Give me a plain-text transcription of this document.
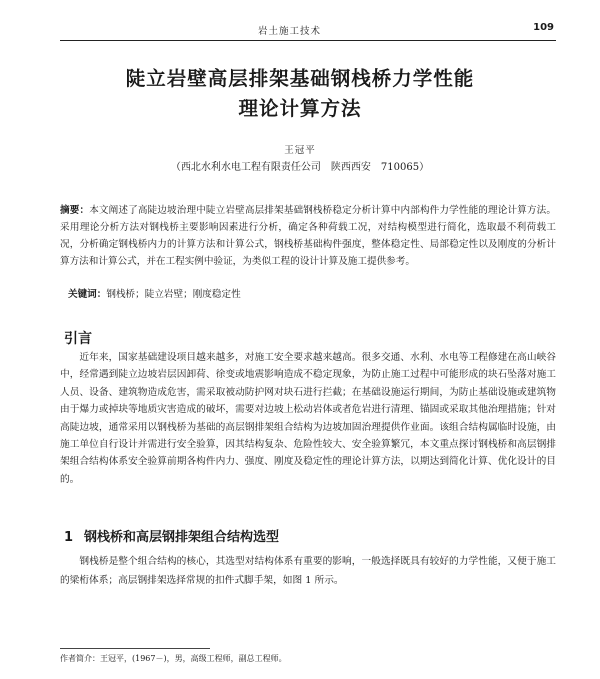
岩土施工技术	109
陡立岩壁高层排架基础钢栈桥力学性能
理论计算方法
王冠平
（西北水利水电工程有限责任公司　陕西西安　710065）

摘要：本文阐述了高陡边坡治理中陡立岩壁高层排架基础钢栈桥稳定分析计算中内部构件力学性能的理论计算方法。采用理论分析方法对钢栈桥主要影响因素进行分析，确定各种荷载工况，对结构模型进行简化，选取最不利荷载工况，分析确定钢栈桥内力的计算方法和计算公式，钢栈桥基础构件强度，整体稳定性、局部稳定性以及刚度的分析计算方法和计算公式，并在工程实例中验证，为类似工程的设计计算及施工提供参考。

关键词：钢栈桥；陡立岩壁；刚度稳定性

引言

近年来，国家基础建设项目越来越多，对施工安全要求越来越高。很多交通、水利、水电等工程修建在高山峡谷中，经常遇到陡立边坡岩层因卸荷、徐变或地震影响造成不稳定现象，为防止施工过程中可能形成的块石坠落对施工人员、设备、建筑物造成危害，需采取被动防护网对块石进行拦截；在基础设施运行期间，为防止基础设施或建筑物由于爆力或掉块等地质灾害造成的破坏，需要对边坡上松动岩体或者危岩进行清理、锚固或采取其他治理措施；针对高陡边坡，通常采用以钢栈桥为基础的高层钢排架组合结构为边坡加固治理提供作业面。该组合结构属临时设施，由施工单位自行设计并需进行安全验算，因其结构复杂、危险性较大、安全验算繁冗，本文重点探讨钢栈桥和高层钢排架组合结构体系安全验算前期各构件内力、强度、刚度及稳定性的理论计算方法，以期达到简化计算、优化设计的目的。

1 钢栈桥和高层钢排架组合结构选型

钢栈桥是整个组合结构的核心，其选型对结构体系有重要的影响，一般选择既具有较好的力学性能，又便于施工的梁桁体系；高层钢排架选择常规的扣件式脚手架，如图 1 所示。

作者简介：王冠平，(1967－)，男，高级工程师，副总工程师。
